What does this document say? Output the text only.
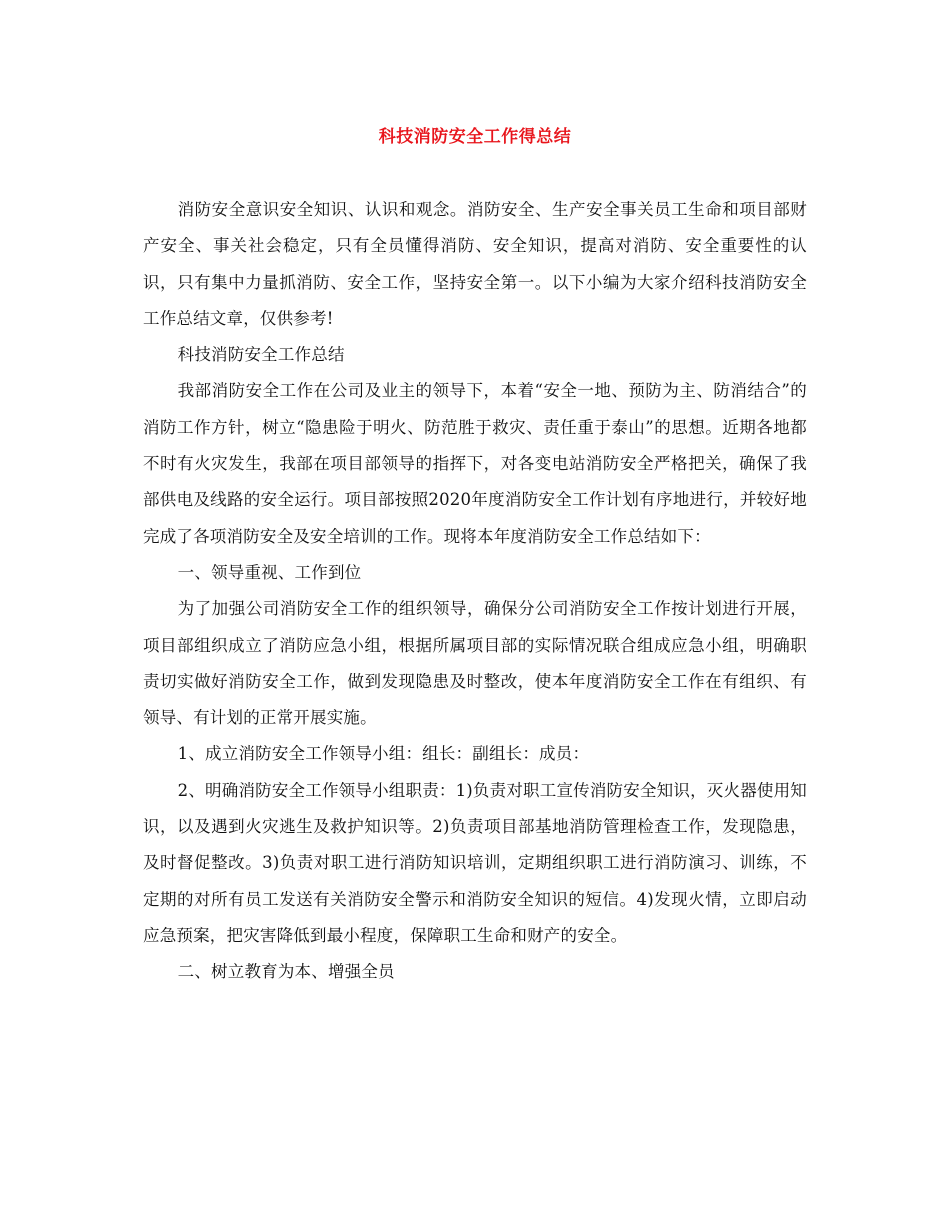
科技消防安全工作得总结

消防安全意识安全知识、认识和观念。消防安全、生产安全事关员工生命和项目部财产安全、事关社会稳定，只有全员懂得消防、安全知识，提高对消防、安全重要性的认识，只有集中力量抓消防、安全工作，坚持安全第一。以下小编为大家介绍科技消防安全工作总结文章，仅供参考!

科技消防安全工作总结

我部消防安全工作在公司及业主的领导下，本着“安全一地、预防为主、防消结合”的消防工作方针，树立“隐患险于明火、防范胜于救灾、责任重于泰山”的思想。近期各地都不时有火灾发生，我部在项目部领导的指挥下，对各变电站消防安全严格把关，确保了我部供电及线路的安全运行。项目部按照2020年度消防安全工作计划有序地进行，并较好地完成了各项消防安全及安全培训的工作。现将本年度消防安全工作总结如下：

一、领导重视、工作到位

为了加强公司消防安全工作的组织领导，确保分公司消防安全工作按计划进行开展，项目部组织成立了消防应急小组，根据所属项目部的实际情况联合组成应急小组，明确职责切实做好消防安全工作，做到发现隐患及时整改，使本年度消防安全工作在有组织、有领导、有计划的正常开展实施。

1、成立消防安全工作领导小组：组长：副组长：成员：

2、明确消防安全工作领导小组职责：1)负责对职工宣传消防安全知识，灭火器使用知识，以及遇到火灾逃生及救护知识等。2)负责项目部基地消防管理检查工作，发现隐患，及时督促整改。3)负责对职工进行消防知识培训，定期组织职工进行消防演习、训练，不定期的对所有员工发送有关消防安全警示和消防安全知识的短信。4)发现火情，立即启动应急预案，把灾害降低到最小程度，保障职工生命和财产的安全。

二、树立教育为本、增强全员
